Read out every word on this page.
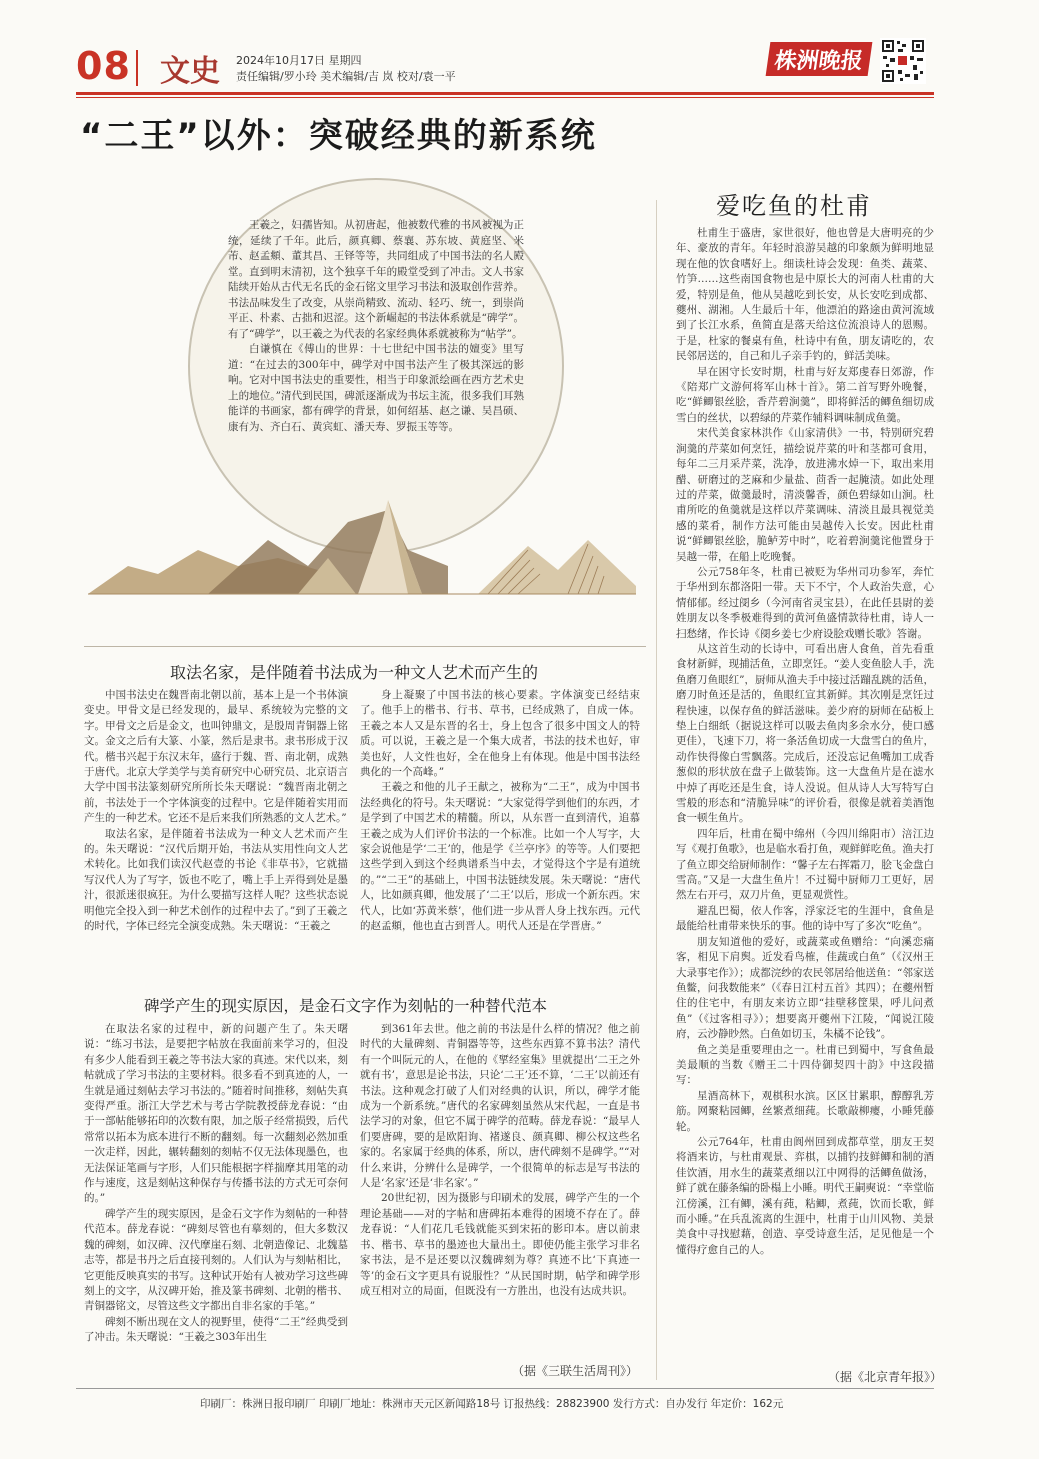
08 文史 2024年10月17日 星期四
责任编辑/罗小玲 美术编辑/吉 岚 校对/袁一平
株洲晚报
“二王”以外：突破经典的新系统

王羲之，妇孺皆知。从初唐起，他被数代雅的书风被视为正统，延续了千年。此后，颜真卿、蔡襄、苏东坡、黄庭坚、米芾、赵孟頫、董其昌、王铎等等，共同组成了中国书法的名人殿堂。直到明末清初，这个独享千年的殿堂受到了冲击。文人书家陆续开始从古代无名氏的金石铭文里学习书法和汲取创作营养。书法品味发生了改变，从崇尚精致、流动、轻巧、统一，到崇尚平正、朴素、古拙和迟涩。这个新崛起的书法体系就是“碑学”。有了“碑学”，以王羲之为代表的名家经典体系就被称为“帖学”。

白谦慎在《傅山的世界：十七世纪中国书法的嬗变》里写道：“在过去的300年中，碑学对中国书法产生了极其深远的影响。它对中国书法史的重要性，相当于印象派绘画在西方艺术史上的地位。”清代到民国，碑派逐渐成为书坛主流，很多我们耳熟能详的书画家，都有碑学的背景，如何绍基、赵之谦、吴昌硕、康有为、齐白石、黄宾虹、潘天寿、罗振玉等等。

取法名家，是伴随着书法成为一种文人艺术而产生的

中国书法史在魏晋南北朝以前，基本上是一个书体演变史。甲骨文是已经发现的，最早、系统较为完整的文字。甲骨文之后是金文，也叫钟鼎文，是殷周青铜器上铭文。金文之后有大篆、小篆，然后是隶书。隶书形成于汉代。楷书兴起于东汉末年，盛行于魏、晋、南北朝，成熟于唐代。北京大学美学与美育研究中心研究员、北京语言大学中国书法篆刻研究所所长朱天曙说：“魏晋南北朝之前，书法处于一个字体演变的过程中。它是伴随着实用而产生的一种艺术。它还不是后来我们所熟悉的文人艺术。”

取法名家，是伴随着书法成为一种文人艺术而产生的。朱天曙说：“汉代后期开始，书法从实用性向文人艺术转化。比如我们读汉代赵壹的书论《非草书》，它就描写汉代人为了写字，饭也不吃了，嘴上手上弄得到处是墨汁，很派迷很疯狂。为什么要描写这样人呢？这些状态说明他完全投入到一种艺术创作的过程中去了。”到了王羲之的时代，字体已经完全演变成熟。朱天曙说：“王羲之

身上凝聚了中国书法的核心要素。字体演变已经结束了。他手上的楷书、行书、草书，已经成熟了，自成一体。王羲之本人又是东晋的名士，身上包含了很多中国文人的特质。可以说，王羲之是一个集大成者，书法的技术也好，审美也好，人文性也好，全在他身上有体现。他是中国书法经典化的一个高峰。”

王羲之和他的儿子王献之，被称为“二王”，成为中国书法经典化的符号。朱天曙说：“大家觉得学到他们的东西，才是学到了中国艺术的精髓。所以，从东晋一直到清代，追慕王羲之成为人们评价书法的一个标准。比如一个人写字，大家会说他是学‘二王’的，他是学《兰亭序》的等等。人们要把这些学到入到这个经典谱系当中去，才觉得这个字是有道统的。”“二王”的基础上，中国书法链续发展。朱天曙说：“唐代人，比如颜真卿，他发展了‘二王’以后，形成一个新东西。宋代人，比如‘苏黄米蔡’，他们进一步从晋人身上找东西。元代的赵孟頫，他也直古到晋人。明代人还是在学晋唐。”

碑学产生的现实原因，是金石文字作为刻帖的一种替代范本

在取法名家的过程中，新的问题产生了。朱天曙说：“练习书法，是要把字帖放在我面前来学习的，但没有多少人能看到王羲之等书法大家的真迹。宋代以来，刻帖就成了学习书法的主要材料。很多看不到真迹的人，一生就是通过刻帖去学习书法的。”随着时间推移，刻帖失真变得严重。浙江大学艺术与考古学院教授薛龙春说：“由于一部帖能够拓印的次数有限，加之版子经常损毁，后代常常以拓本为底本进行不断的翻刻。每一次翻刻必然加重一次走样，因此，辗转翻刻的刻帖不仅无法体现墨色，也无法保证笔画与字形，人们只能根据字样揣摩其用笔的动作与速度，这是刻帖这种保存与传播书法的方式无可奈何的。”

碑学产生的现实原因，是金石文字作为刻帖的一种替代范本。薛龙春说：“碑刻尽管也有摹刻的，但大多数汉魏的碑刻，如汉碑、汉代摩崖石刻、北朝造像记、北魏墓志等，都是书丹之后直接刊刻的。人们认为与刻帖相比，它更能反映真实的书写。这种试开始有人被劝学习这些碑刻上的文字，从汉碑开始，推及篆书碑刻、北朝的楷书、青铜器铭文，尽管这些文字都出自非名家的手笔。”

碑刻不断出现在文人的视野里，使得“二王”经典受到了冲击。朱天曙说：“王羲之303年出生

到361年去世。他之前的书法是什么样的情况？他之前时代的大量碑刻、青铜器等等，这些东西算不算书法？清代有一个叫阮元的人，在他的《揅经室集》里就提出‘二王之外就有书’，意思是论书法，只论‘二王’还不算，‘二王’以前还有书法。这种观念打破了人们对经典的认识，所以，碑学才能成为一个新系统。”唐代的名家碑刻虽然从宋代起，一直是书法学习的对象，但它不属于碑学的范畴。薛龙春说：“最早人们要唐碑，要的是欧阳询、褚遂良、颜真卿、柳公权这些名家的。名家属于经典的体系，所以，唐代碑刻不是碑学。”“对什么来讲，分辨什么是碑学，一个很简单的标志是写书法的人是‘名家’还是‘非名家’。”

20世纪初，因为摄影与印刷术的发展，碑学产生的一个理论基础——对的字帖和唐碑拓本难得的困境不存在了。薛龙春说：“人们花几毛钱就能买到宋拓的影印本。唐以前隶书、楷书、草书的墨迹也大量出土。即使仍能主张学习非名家书法，是不是还要以汉魏碑刻为尊？真迹不比‘下真迹一等’的金石文字更具有说服性？”从民国时期，帖学和碑学形成互相对立的局面，但既没有一方胜出，也没有达成共识。

（据《三联生活周刊》）
爱吃鱼的杜甫

杜甫生于盛唐，家世很好，他也曾是大唐明亮的少年、豪放的青年。年轻时浪游吴越的印象颇为鲜明地显现在他的饮食嗜好上。细读杜诗会发现：鱼类、蔬菜、竹笋……这些南国食物也是中原长大的河南人杜甫的大爱，特别是鱼，他从吴越吃到长安，从长安吃到成都、夔州、湖湘。人生最后十年，他漂泊的路途由黄河流域到了长江水系，鱼简直是落天给这位流浪诗人的恩赐。于是，杜家的餐桌有鱼，杜诗中有鱼，朋友请吃的，农民邻居送的，自己和儿子亲手钓的，鲜活美味。

早在困守长安时期，杜甫与好友郑虔春日郊游，作《陪郑广文游何将军山林十首》。第二首写野外晚餐，吃“鲜鲫银丝脍，香芹碧涧羹”，即将鲜活的鲫鱼细切成雪白的丝状，以碧绿的芹菜作辅料调味制成鱼羹。

宋代美食家林洪作《山家清供》一书，特别研究碧涧羹的芹菜如何烹饪，描绘说芹菜的叶和茎都可食用，每年二三月采芹菜，洗净，放进沸水焯一下，取出来用醋、研磨过的芝麻和少量盐、茴香一起腌渍。如此处理过的芹菜，做羹最时，清淡馨香，颜色碧绿如山涧。杜甫所吃的鱼羹就是这样以芹菜调味、清淡且最具视觉美感的菜肴，制作方法可能由吴越传入长安。因此杜甫说“鲜鲫银丝脍，脆鲈芳中时”，吃着碧涧羹诧他置身于吴越一带，在船上吃晚餐。

公元758年冬，杜甫已被贬为华州司功参军，奔忙于华州到东都洛阳一带。天下不宁，个人政治失意，心情郁郁。经过阌乡（今河南省灵宝县），在此任县尉的姜姓朋友以冬季极难得到的黄河鱼盛情款待杜甫，诗人一扫愁绪，作长诗《阌乡姜七少府设脍戏赠长歌》答谢。

从这首生动的长诗中，可看出唐人食鱼，首先看重食材新鲜，现捕活鱼，立即烹饪。“姜人变鱼脍人手，洗鱼磨刀鱼眼红”，厨师从渔夫手中接过活蹦乱跳的活鱼，磨刀时鱼还是活的，鱼眼红宣其新鲜。其次刚是烹饪过程快速，以保存鱼的鲜活滋味。姜少府的厨师在砧板上垫上白细纸（据说这样可以吸去鱼肉多余水分，使口感更佳），飞速下刀，将一条活鱼切成一大盘雪白的鱼片，动作快得像白雪飘落。完成后，还没忘记鱼嘴加工成香葱似的形状放在盘子上做装饰。这一大盘鱼片是在滤水中焯了再吃还是生食，诗人没说。但从诗人大写特写白雪般的形态和“清脆异味”的评价看，很像是就着美酒饱食一顿生鱼片。

四年后，杜甫在蜀中绵州（今四川绵阳市）涪江边写《观打鱼歌》，也是临水看打鱼，观鲜鲜吃鱼。渔夫打了鱼立即交给厨师制作：“馨子左右挥霜刀，脍飞金盘白雪高。”又是一大盘生鱼片！不过蜀中厨师刀工更好，居然左右开弓，双刀片鱼，更显观赏性。

避乱巴蜀，依人作客，浮家泛宅的生涯中，食鱼是最能给杜甫带来快乐的事。他的诗中写了多次“吃鱼”。

朋友知道他的爱好，或蔬菜或鱼赠给：“向溪恋痛客，相见下肩舆。近发看鸟榷，佳蔬或白鱼”（《汉州王大录事宅作》）；成都浣纱的农民邻居给他送鱼：“邻家送鱼鳖，问我数能来”（《春日江村五首》其四）；在夔州暂住的住宅中，有朋友来访立即“挂壁移筐果，呼儿问煮鱼”（《过客相寻》）；想要离开夔州下江陵，“闻说江陵府，云沙静眇然。白鱼如切玉，朱橘不论钱”。

鱼之美是重要理由之一。杜甫已到蜀中，写食鱼最美最顺的当数《赠王二十四侍御契四十韵》中这段描写：

星酒高林下，观棋积水滨。区区甘累职，醇醇乳芳筋。网聚粘园鲫，丝繁煮细莼。长歌敲柳瘿，小睡凭藤轮。

公元764年，杜甫由阆州回到成都草堂，朋友王契将酒来访，与杜甫观景、弈棋，以捕钓技鲜鲫和制的酒佳饮酒，用水生的蔬菜煮细以江中网得的活鲫鱼做汤，鲜了就在藤条编的卧榻上小睡。明代王嗣奭说：“幸堂临江傍溪，江有鲫，溪有莼，粘鲫，煮莼，饮而长歌，鲜而小睡。”在兵乱流离的生涯中，杜甫于山川风物、美景美食中寻找慰藉，创造、享受诗意生活，足见他是一个懂得疗愈自己的人。

（据《北京青年报》）
印刷厂：株洲日报印刷厂 印刷厂地址：株洲市天元区新闻路18号 订报热线：28823900 发行方式：自办发行 年定价：162元
